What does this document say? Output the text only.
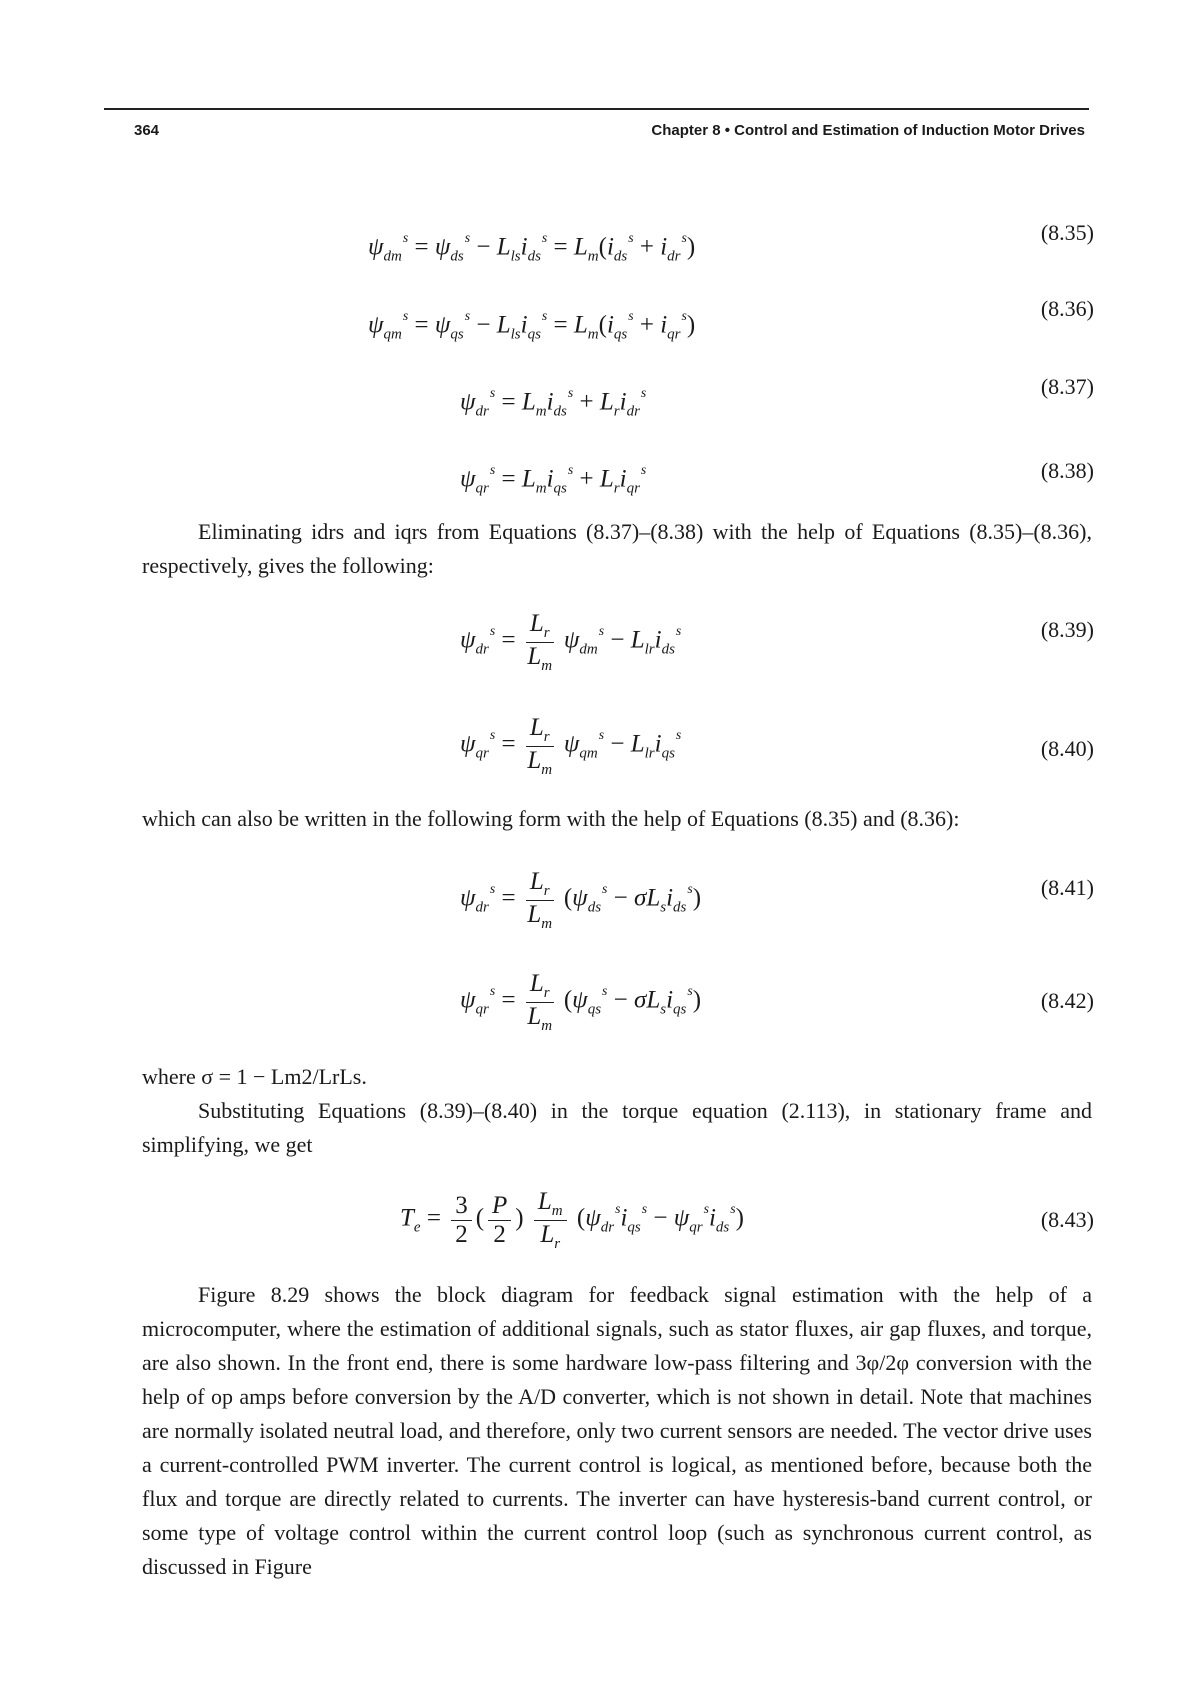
364	Chapter 8 • Control and Estimation of Induction Motor Drives
$\psi_{dm}^s = \psi_{ds}^s - L_{ls}i_{ds}^s = L_m(i_{ds}^s + i_{dr}^s)$
(8.35)
$\psi_{qm}^s = \psi_{qs}^s - L_{ls}i_{qs}^s = L_m(i_{qs}^s + i_{qr}^s)$
(8.36)
$\psi_{dr}^s = L_mi_{ds}^s + L_ri_{dr}^s$	(8.37)
$\psi_{qr}^s = L_mi_{qs}^s + L_ri_{qr}^s$	(8.38)
Eliminating idrs and iqrs from Equations (8.37)–(8.38) with the help of Equations (8.35)–(8.36), respectively, gives the following:
$\psi_{dr}^s = \frac{L_r}{L_m} \psi_{dm}^s - L_{lr}i_{ds}^s$	(8.39)
$\psi_{qr}^s = \frac{L_r}{L_m} \psi_{qm}^s - L_{lr}i_{qs}^s$
(8.40)
which can also be written in the following form with the help of Equations (8.35) and (8.36):
$\psi_{dr}^s = \frac{L_r}{L_m} (\psi_{ds}^s - \sigma L_si_{ds}^s)$	(8.41)
$\psi_{qr}^s = \frac{L_r}{L_m} (\psi_{qs}^s - \sigma L_si_{qs}^s)$	(8.42)
where σ = 1 − Lm2/LrLs.
Substituting Equations (8.39)–(8.40) in the torque equation (2.113), in stationary frame and simplifying, we get
$T_e = \frac{3}{2}$ ( $\frac{P}{2}$ ) $\frac{L_m}{L_r} (\psi_{dr}^si_{qs}^s - \psi_{qr}^si_{ds}^s)$	(8.43)
Figure 8.29 shows the block diagram for feedback signal estimation with the help of a microcomputer, where the estimation of additional signals, such as stator fluxes, air gap fluxes, and torque, are also shown. In the front end, there is some hardware low-pass filtering and 3φ/2φ conversion with the help of op amps before conversion by the A/D converter, which is not shown in detail. Note that machines are normally isolated neutral load, and therefore, only two current sensors are needed. The vector drive uses a current-controlled PWM inverter. The current control is logical, as mentioned before, because both the flux and torque are directly related to currents. The inverter can have hysteresis-band current control, or some type of voltage control within the current control loop (such as synchronous current control, as discussed in Figure
